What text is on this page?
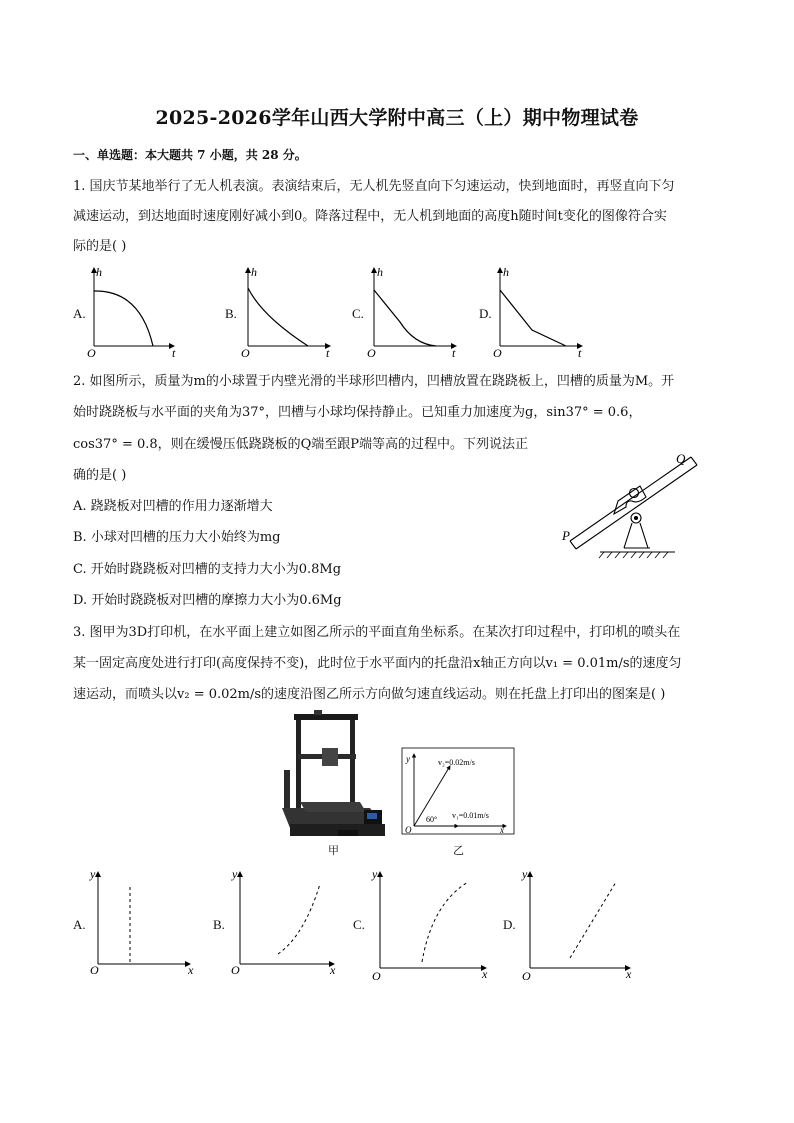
2025-2026学年山西大学附中高三（上）期中物理试卷
一、单选题：本大题共 7 小题，共 28 分。
1. 国庆节某地举行了无人机表演。表演结束后，无人机先竖直向下匀速运动，快到地面时，再竖直向下匀
减速运动，到达地面时速度刚好减小到0。降落过程中，无人机到地面的高度h随时间t变化的图像符合实
际的是( )
A.	B.	C.	D.
h
t
O
h
t
O
h
t
O
h
t
O
2. 如图所示，质量为m的小球置于内壁光滑的半球形凹槽内，凹槽放置在跷跷板上，凹槽的质量为M。开
始时跷跷板与水平面的夹角为37°，凹槽与小球均保持静止。已知重力加速度为g，sin37° = 0.6，
cos37° = 0.8，则在缓慢压低跷跷板的Q端至跟P端等高的过程中。下列说法正
确的是( )
A. 跷跷板对凹槽的作用力逐渐增大
B. 小球对凹槽的压力大小始终为mg
C. 开始时跷跷板对凹槽的支持力大小为0.8Mg
D. 开始时跷跷板对凹槽的摩擦力大小为0.6Mg
P
Q
3. 图甲为3D打印机，在水平面上建立如图乙所示的平面直角坐标系。在某次打印过程中，打印机的喷头在
某一固定高度处进行打印(高度保持不变)，此时位于水平面内的托盘沿x轴正方向以v₁ = 0.01m/s的速度匀
速运动，而喷头以v₂ = 0.02m/s的速度沿图乙所示方向做匀速直线运动。则在托盘上打印出的图案是( )
甲
y
x
O
v₂=0.02m/s
v₁=0.01m/s
60°
乙
A.	B.	C.	D.
y
x
O
y
x
O
y
x
O
y
x
O
